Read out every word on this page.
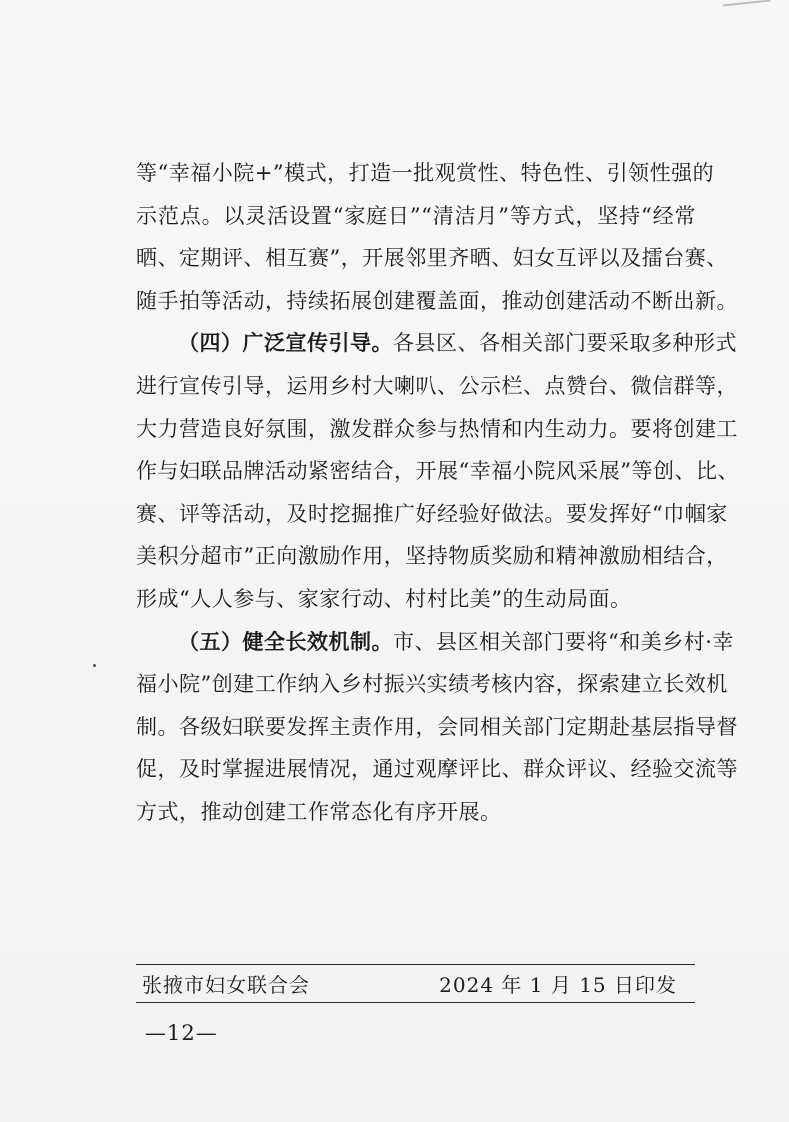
等“幸福小院+”模式，打造一批观赏性、特色性、引领性强的
示范点。以灵活设置“家庭日”“清洁月”等方式，坚持“经常
晒、定期评、相互赛”，开展邻里齐晒、妇女互评以及擂台赛、
随手拍等活动，持续拓展创建覆盖面，推动创建活动不断出新。
（四）广泛宣传引导。各县区、各相关部门要采取多种形式
进行宣传引导，运用乡村大喇叭、公示栏、点赞台、微信群等，
大力营造良好氛围，激发群众参与热情和内生动力。要将创建工
作与妇联品牌活动紧密结合，开展“幸福小院风采展”等创、比、
赛、评等活动，及时挖掘推广好经验好做法。要发挥好“巾帼家
美积分超市”正向激励作用，坚持物质奖励和精神激励相结合，
形成“人人参与、家家行动、村村比美”的生动局面。
（五）健全长效机制。市、县区相关部门要将“和美乡村·幸
福小院”创建工作纳入乡村振兴实绩考核内容，探索建立长效机
制。各级妇联要发挥主责作用，会同相关部门定期赴基层指导督
促，及时掌握进展情况，通过观摩评比、群众评议、经验交流等
方式，推动创建工作常态化有序开展。
张掖市妇女联合会	2024 年 1 月 15 日印发
—12—
